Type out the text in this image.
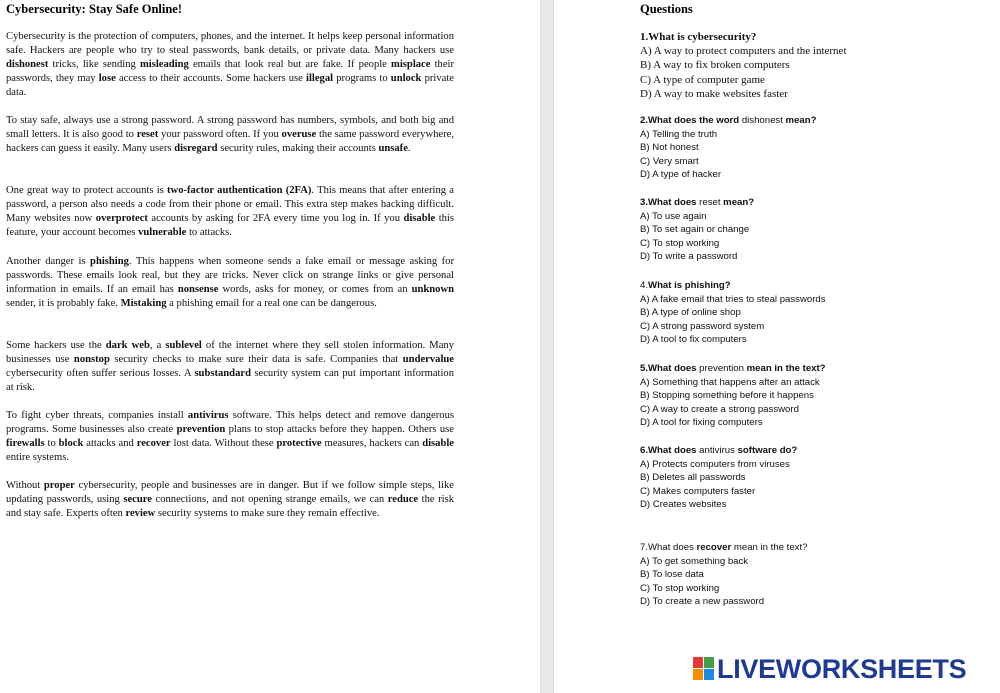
Cybersecurity: Stay Safe Online!
Cybersecurity is the protection of computers, phones, and the internet. It helps keep personal information safe. Hackers are people who try to steal passwords, bank details, or private data. Many hackers use dishonest tricks, like sending misleading emails that look real but are fake. If people misplace their passwords, they may lose access to their accounts. Some hackers use illegal programs to unlock private data.
To stay safe, always use a strong password. A strong password has numbers, symbols, and both big and small letters. It is also good to reset your password often. If you overuse the same password everywhere, hackers can guess it easily. Many users disregard security rules, making their accounts unsafe.
One great way to protect accounts is two-factor authentication (2FA). This means that after entering a password, a person also needs a code from their phone or email. This extra step makes hacking difficult. Many websites now overprotect accounts by asking for 2FA every time you log in. If you disable this feature, your account becomes vulnerable to attacks.
Another danger is phishing. This happens when someone sends a fake email or message asking for passwords. These emails look real, but they are tricks. Never click on strange links or give personal information in emails. If an email has nonsense words, asks for money, or comes from an unknown sender, it is probably fake. Mistaking a phishing email for a real one can be dangerous.
Some hackers use the dark web, a sublevel of the internet where they sell stolen information. Many businesses use nonstop security checks to make sure their data is safe. Companies that undervalue cybersecurity often suffer serious losses. A substandard security system can put important information at risk.
To fight cyber threats, companies install antivirus software. This helps detect and remove dangerous programs. Some businesses also create prevention plans to stop attacks before they happen. Others use firewalls to block attacks and recover lost data. Without these protective measures, hackers can disable entire systems.
Without proper cybersecurity, people and businesses are in danger. But if we follow simple steps, like updating passwords, using secure connections, and not opening strange emails, we can reduce the risk and stay safe. Experts often review security systems to make sure they remain effective.
Questions
1.What is cybersecurity?
A) A way to protect computers and the internet
B) A way to fix broken computers
C) A type of computer game
D) A way to make websites faster
2.What does the word dishonest mean?
A) Telling the truth
B) Not honest
C) Very smart
D) A type of hacker
3.What does reset mean?
A) To use again
B) To set again or change
C) To stop working
D) To write a password
4.What is phishing?
A) A fake email that tries to steal passwords
B) A type of online shop
C) A strong password system
D) A tool to fix computers
5.What does prevention mean in the text?
A) Something that happens after an attack
B) Stopping something before it happens
C) A way to create a strong password
D) A tool for fixing computers
6.What does antivirus software do?
A) Protects computers from viruses
B) Deletes all passwords
C) Makes computers faster
D) Creates websites
7.What does recover mean in the text?
A) To get something back
B) To lose data
C) To stop working
D) To create a new password
LIVEWORKSHEETS
